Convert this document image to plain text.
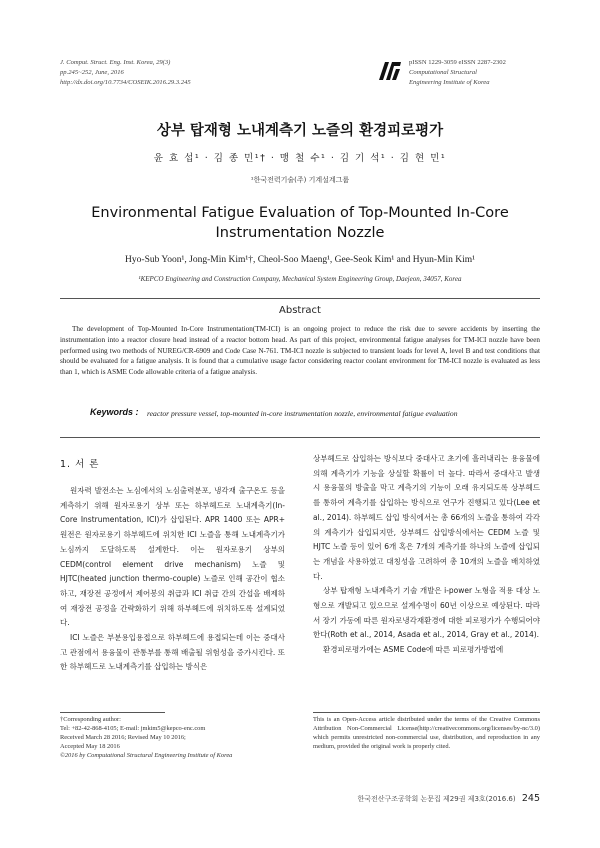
J. Comput. Struct. Eng. Inst. Korea, 29(3)
pp.245~252, June, 2016
http://dx.doi.org/10.7734/COSEIK.2016.29.3.245
pISSN 1229-3059 eISSN 2287-2302
Computational Structural
Engineering Institute of Korea
상부 탑재형 노내계측기 노즐의 환경피로평가
윤 효 섭¹ · 김 종 민¹† · 맹 철 수¹ · 김 기 석¹ · 김 현 민¹
¹한국전력기술(주) 기계설계그룹
Environmental Fatigue Evaluation of Top-Mounted In-Core
Instrumentation Nozzle
Hyo-Sub Yoon¹, Jong-Min Kim¹†, Cheol-Soo Maeng¹, Gee-Seok Kim¹ and Hyun-Min Kim¹
¹KEPCO Engineering and Construction Company, Mechanical System Engineering Group, Daejeon, 34057, Korea
Abstract
The development of Top-Mounted In-Core Instrumentation(TM-ICI) is an ongoing project to reduce the risk due to severe accidents by inserting the instrumentation into a reactor closure head instead of a reactor bottom head. As part of this project, environmental fatigue analyses for TM-ICI nozzle have been performed using two methods of NUREG/CR-6909 and Code Case N-761. TM-ICI nozzle is subjected to transient loads for level A, level B and test conditions that should be evaluated for a fatigue analysis. It is found that a cumulative usage factor considering reactor coolant environment for TM-ICI nozzle is evaluated as less than 1, which is ASME Code allowable criteria of a fatigue analysis.
Keywords : reactor pressure vessel, top-mounted in-core instrumentation nozzle, environmental fatigue evaluation
1. 서 론

원자력 발전소는 노심에서의 노심출력분포, 냉각재 출구온도 등을 계측하기 위해 원자로용기 상부 또는 하부헤드로 노내계측기(In-Core Instrumentation, ICI)가 삽입된다. APR 1400 또는 APR+ 원전은 원자로용기 하부헤드에 위치한 ICI 노즐을 통해 노내계측기가 노심까지 도달하도록 설계한다. 이는 원자로용기 상부의 CEDM(control element drive mechanism) 노즐 및 HJTC(heated junction thermo-couple) 노즐로 인해 공간이 협소하고, 재장전 공정에서 제어봉의 취급과 ICI 취급 간의 간섭을 배제하여 재장전 공정을 간략화하기 위해 하부헤드에 위치하도록 설계되었다.

ICI 노즐은 부분용입용접으로 하부헤드에 용접되는데 이는 중대사고 관점에서 용융물이 관통부를 통해 배출될 위험성을 증가시킨다. 또한 하부헤드로 노내계측기를 삽입하는 방식은

상부헤드로 삽입하는 방식보다 중대사고 초기에 흘러내리는 용융물에 의해 계측기가 기능을 상실할 확률이 더 높다. 따라서 중대사고 발생 시 용융물의 방출을 막고 계측기의 기능이 오래 유지되도록 상부헤드를 통하여 계측기를 삽입하는 방식으로 연구가 진행되고 있다(Lee et al., 2014). 하부헤드 삽입 방식에서는 총 66개의 노즐을 통하여 각각의 계측기가 삽입되지만, 상부헤드 삽입방식에서는 CEDM 노즐 및 HJTC 노즐 등이 있어 6개 혹은 7개의 계측기를 하나의 노즐에 삽입되는 개념을 사용하였고 대칭성을 고려하여 총 10개의 노즐을 배치하였다.

상부 탑재형 노내계측기 기술 개발은 i-power 노형을 적용 대상 노형으로 개발되고 있으므로 설계수명이 60년 이상으로 예상된다. 따라서 장기 가동에 따른 원자로냉각재환경에 대한 피로평가가 수행되어야 한다(Roth et al., 2014, Asada et al., 2014, Gray et al., 2014).

환경피로평가에는 ASME Code에 따른 피로평가방법에

†Corresponding author:
Tel: +82-42-868-4105; E-mail: jmkim5@kepco-enc.com
Received March 28 2016; Revised May 10 2016;
Accepted May 18 2016
©2016 by Computational Structural Engineering Institute of Korea
This is an Open-Access article distributed under the terms of the Creative Commons Attribution Non-Commercial License(http://creativecommons.org/licenses/by-nc/3.0) which permits unrestricted non-commercial use, distribution, and reproduction in any medium, provided the original work is properly cited.
한국전산구조공학회 논문집 제29권 제3호(2016.6) 245
